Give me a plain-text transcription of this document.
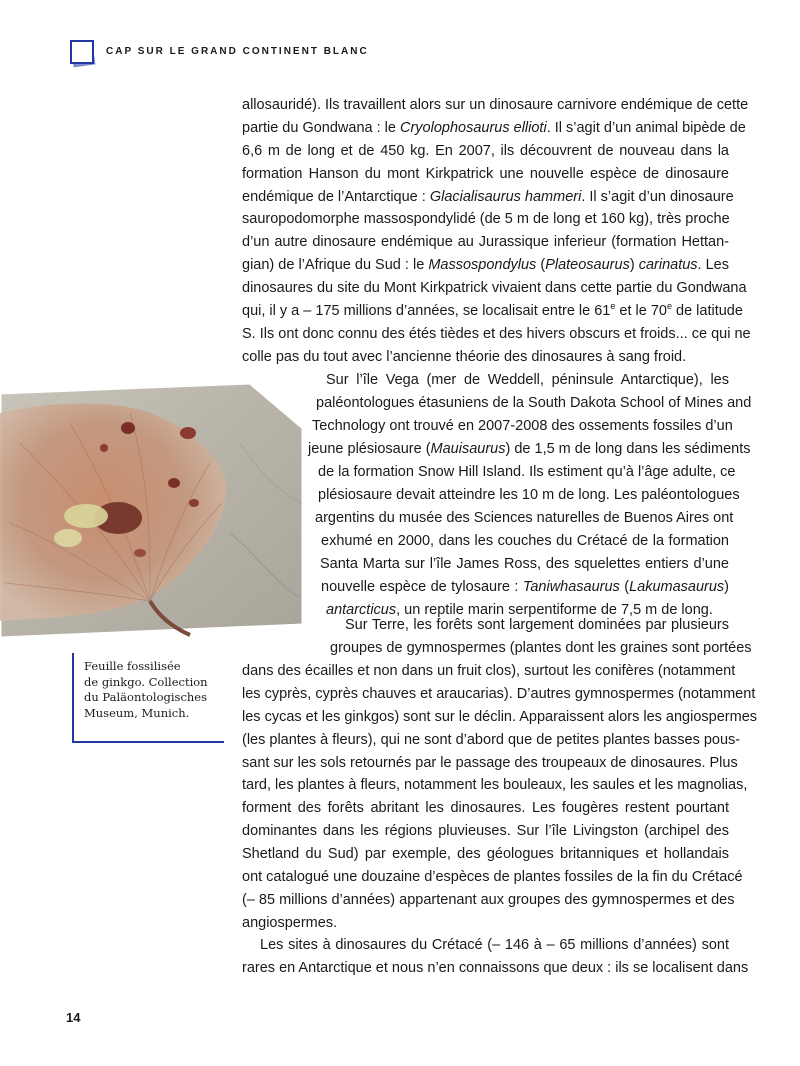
CAP SUR LE GRAND CONTINENT BLANC
allosauridé). Ils travaillent alors sur un dinosaure carnivore endémique de cette
partie du Gondwana : le Cryolophosaurus ellioti. Il s’agit d’un animal bipède de
6,6 m de long et de 450 kg. En 2007, ils découvrent de nouveau dans la
formation Hanson du mont Kirkpatrick une nouvelle espèce de dinosaure
endémique de l’Antarctique : Glacialisaurus hammeri. Il s’agit d’un dinosaure
sauropodomorphe massospondylidé (de 5 m de long et 160 kg), très proche
d’un autre dinosaure endémique au Jurassique inferieur (formation Hettan-
gian) de l’Afrique du Sud : le Massospondylus (Plateosaurus) carinatus. Les
dinosaures du site du Mont Kirkpatrick vivaient dans cette partie du Gondwana
qui, il y a – 175 millions d’années, se localisait entre le 61e et le 70e de latitude
S. Ils ont donc connu des étés tièdes et des hivers obscurs et froids... ce qui ne
colle pas du tout avec l’ancienne théorie des dinosaures à sang froid.
Sur l’île Vega (mer de Weddell, péninsule Antarctique), les
paléontologues étasuniens de la South Dakota School of Mines and
Technology ont trouvé en 2007-2008 des ossements fossiles d’un
jeune plésiosaure (Mauisaurus) de 1,5 m de long dans les sédiments
de la formation Snow Hill Island. Ils estiment qu’à l’âge adulte, ce
plésiosaure devait atteindre les 10 m de long. Les paléontologues
argentins du musée des Sciences naturelles de Buenos Aires ont
exhumé en 2000, dans les couches du Crétacé de la formation
Santa Marta sur l’île James Ross, des squelettes entiers d’une
nouvelle espèce de tylosaure : Taniwhasaurus (Lakumasaurus)
antarcticus, un reptile marin serpentiforme de 7,5 m de long.
Sur Terre, les forêts sont largement dominées par plusieurs
groupes de gymnospermes (plantes dont les graines sont portées
dans des écailles et non dans un fruit clos), surtout les conifères (notamment
les cyprès, cyprès chauves et araucarias). D’autres gymnospermes (notamment
les cycas et les ginkgos) sont sur le déclin. Apparaissent alors les angiospermes
(les plantes à fleurs), qui ne sont d’abord que de petites plantes basses pous-
sant sur les sols retournés par le passage des troupeaux de dinosaures. Plus
tard, les plantes à fleurs, notamment les bouleaux, les saules et les magnolias,
forment des forêts abritant les dinosaures. Les fougères restent pourtant
dominantes dans les régions pluvieuses. Sur l’île Livingston (archipel des
Shetland du Sud) par exemple, des géologues britanniques et hollandais
ont catalogué une douzaine d’espèces de plantes fossiles de la fin du Crétacé
(– 85 millions d’années) appartenant aux groupes des gymnospermes et des
angiospermes.
Les sites à dinosaures du Crétacé (– 146 à – 65 millions d’années) sont
rares en Antarctique et nous n’en connaissons que deux : ils se localisent dans
Feuille fossilisée
de ginkgo. Collection
du Paläontologisches
Museum, Munich.
14
